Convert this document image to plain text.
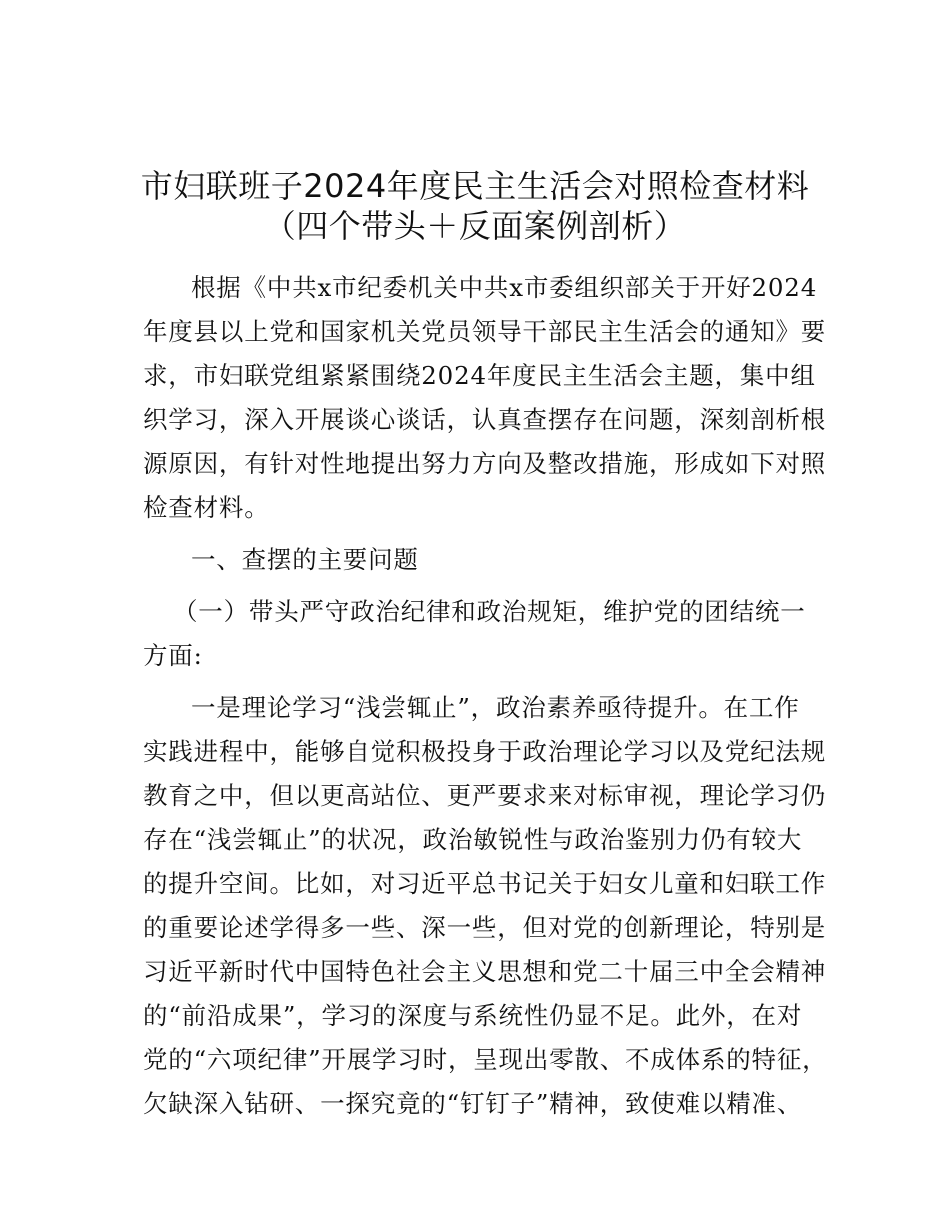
市妇联班子2024年度民主生活会对照检查材料
（四个带头＋反面案例剖析）
根据《中共x市纪委机关中共x市委组织部关于开好2024
年度县以上党和国家机关党员领导干部民主生活会的通知》要
求，市妇联党组紧紧围绕2024年度民主生活会主题，集中组
织学习，深入开展谈心谈话，认真查摆存在问题，深刻剖析根
源原因，有针对性地提出努力方向及整改措施，形成如下对照
检查材料。
一、查摆的主要问题
（一）带头严守政治纪律和政治规矩，维护党的团结统一
方面:
一是理论学习“浅尝辄止”，政治素养亟待提升。在工作
实践进程中，能够自觉积极投身于政治理论学习以及党纪法规
教育之中，但以更高站位、更严要求来对标审视，理论学习仍
存在“浅尝辄止”的状况，政治敏锐性与政治鉴别力仍有较大
的提升空间。比如，对习近平总书记关于妇女儿童和妇联工作
的重要论述学得多一些、深一些，但对党的创新理论，特别是
习近平新时代中国特色社会主义思想和党二十届三中全会精神
的“前沿成果”，学习的深度与系统性仍显不足。此外，在对
党的“六项纪律”开展学习时，呈现出零散、不成体系的特征，
欠缺深入钻研、一探究竟的“钉钉子”精神，致使难以精准、
